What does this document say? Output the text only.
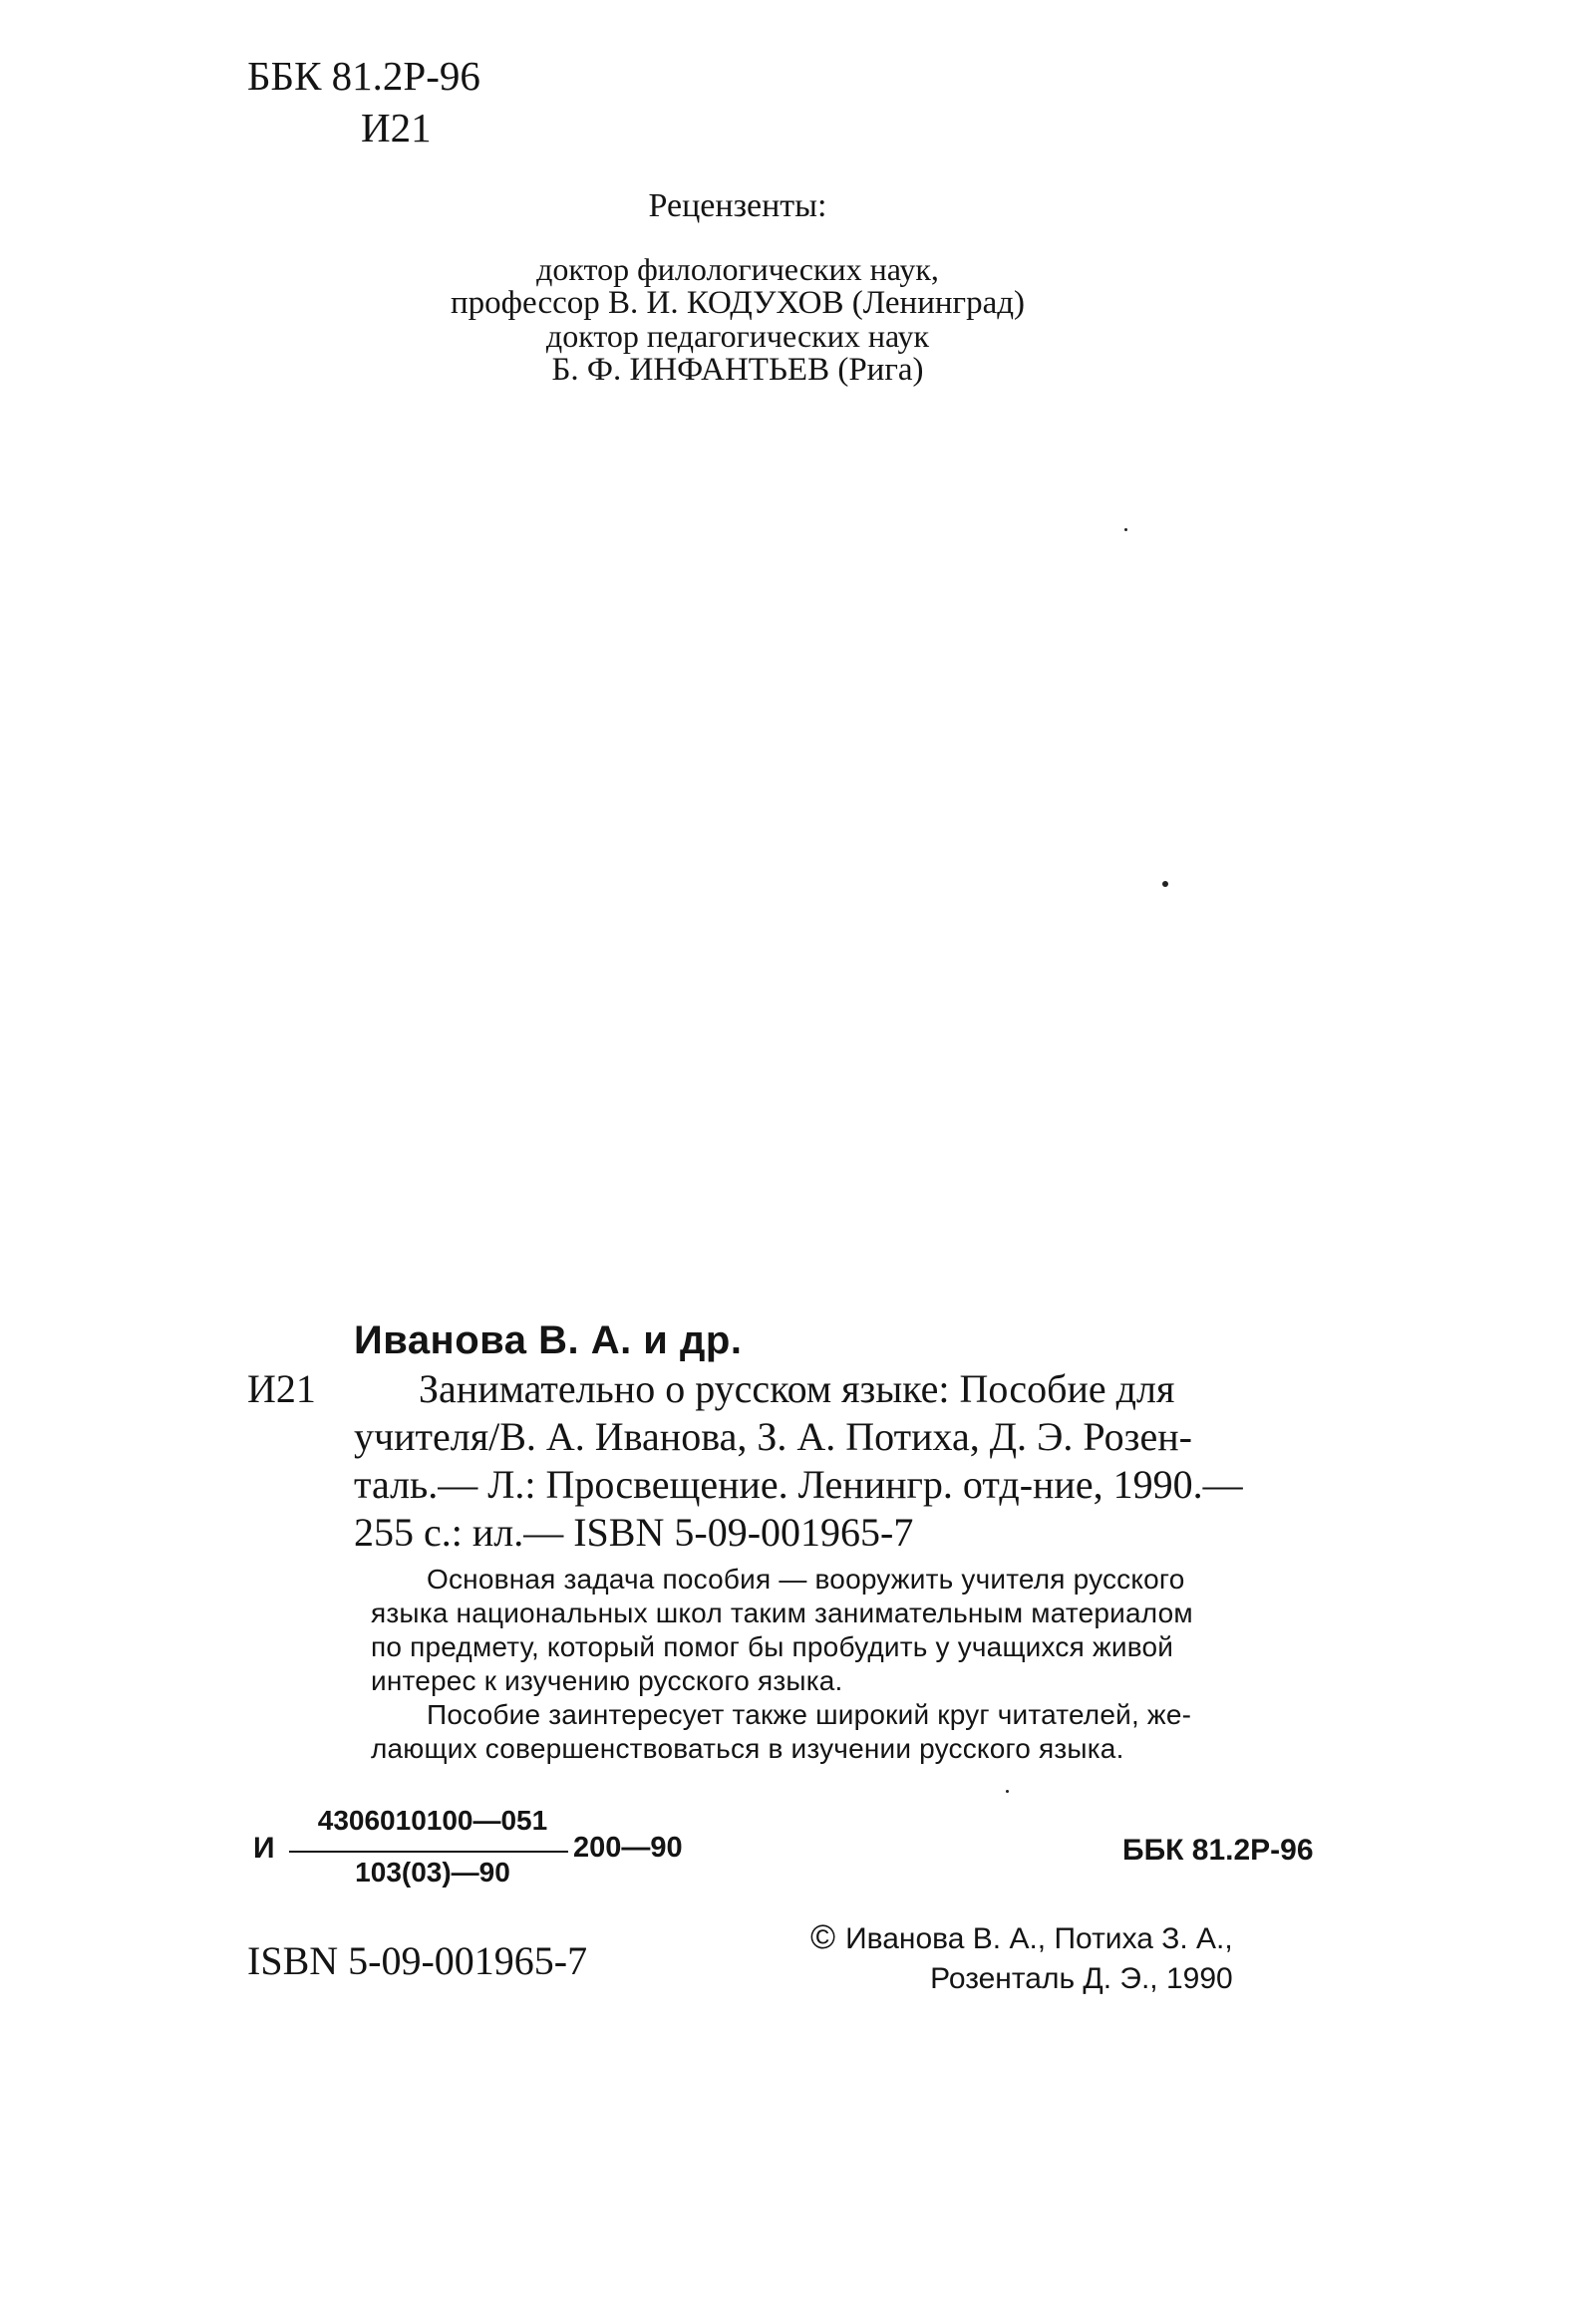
ББК 81.2Р-96
И21
Рецензенты:
доктор филологических наук,
профессор В. И. КОДУХОВ (Ленинград)
доктор педагогических наук
Б. Ф. ИНФАНТЬЕВ (Рига)
Иванова В. А. и др.
И21	Занимательно о русском языке: Пособие для
учителя/В. А. Иванова, З. А. Потиха, Д. Э. Розен-
таль.— Л.: Просвещение. Ленингр. отд-ние, 1990.—
255 с.: ил.— ISBN 5-09-001965-7
Основная задача пособия — вооружить учителя русского
языка национальных школ таким занимательным материалом
по предмету, который помог бы пробудить у учащихся живой
интерес к изучению русского языка.
Пособие заинтересует также широкий круг читателей, же-
лающих совершенствоваться в изучении русского языка.
И
4306010100—051
103(03)—90
200—90	ББК 81.2Р-96
ISBN 5-09-001965-7
© Иванова В. А., Потиха З. А.,
Розенталь Д. Э., 1990
